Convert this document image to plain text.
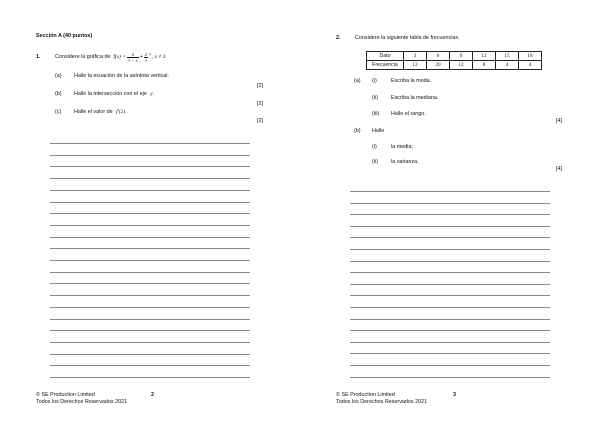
Sección A (40 puntos)
1.	Considere la gráfica de $f(x) = \frac{4}{3 - x} + \frac{2}{3}$ x
, x ≠ 3.
(a) Halle la ecuación de la asíntota vertical.
[2]
(b) Halle la intersección con el eje y.
[2]
(c) Halle el valor de f′(2).
[2]
© SE Production Limited
Todos los Derechos Reservados 2021
2
2.	Considere la siguiente tabla de frecuencias.
Dato	3	6	9	12	15	18
Frecuencia	12	20	12	8	4	4
(a) (i)	Escriba la moda.
(ii) Escriba la mediana.
(iii) Halle el rango.
[4]
(b) Halle
(i)	la media;
(ii) la varianza.
[4]
© SE Production Limited
Todos los Derechos Reservados 2021
3
